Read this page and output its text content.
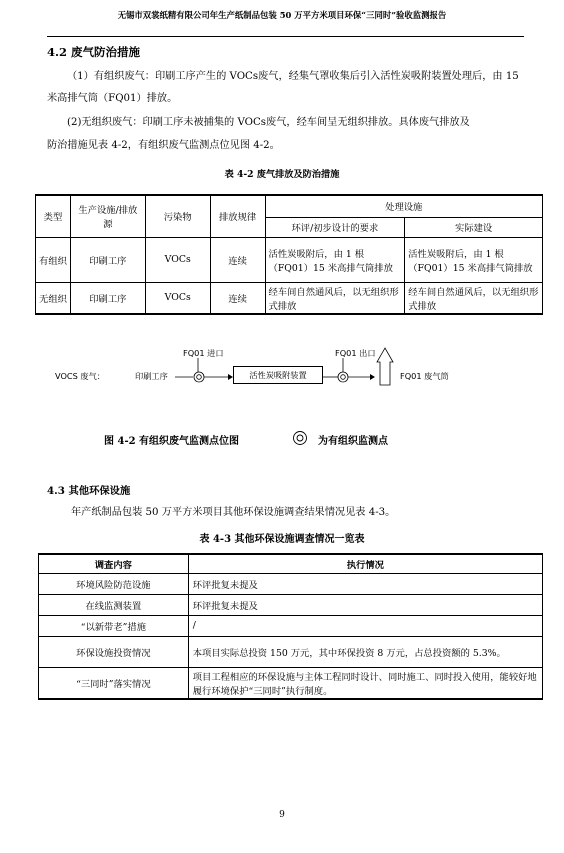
无锡市双裳纸精有限公司年生产纸制品包装 50 万平方米项目环保“三同时”验收监测报告
4.2 废气防治措施
（1）有组织废气：印刷工序产生的 VOCs废气，经集气罩收集后引入活性炭吸附装置处理后，由 15
米高排气筒（FQ01）排放。
(2)无组织废气：印刷工序未被捕集的 VOCs废气，经车间呈无组织排放。具体废气排放及
防治措施见表 4-2，有组织废气监测点位见图 4-2。
表 4-2 废气排放及防治措施
类型	生产设施/排放源	污染物	排放规律	处理设施	
				环评/初步设计的要求	实际建设
有组织	印刷工序	VOCs	连续	活性炭吸附后，由 1 根（FQ01）15 米高排气筒排放	活性炭吸附后，由 1 根（FQ01）15 米高排气筒排放
无组织	印刷工序	VOCs	连续	经车间自然通风后，以无组织形式排放	经车间自然通风后，以无组织形式排放
FQ01 进口	FQ01 出口
VOCS 废气：	印刷工序	活性炭吸附装置	FQ01 废气筒
图 4-2 有组织废气监测点位图	为有组织监测点
4.3 其他环保设施
年产纸制品包装 50 万平方米项目其他环保设施调查结果情况见表 4-3。
表 4-3 其他环保设施调查情况一览表
调查内容	执行情况
环境风险防范设施	环评批复未提及
在线监测装置	环评批复未提及
“以新带老”措施	/
环保设施投资情况	本项目实际总投资 150 万元，其中环保投资 8 万元，占总投资额的 5.3%。
“三同时”落实情况	项目工程相应的环保设施与主体工程同时设计、同时施工、同时投入使用，能较好地履行环境保护“三同时”执行制度。
9
